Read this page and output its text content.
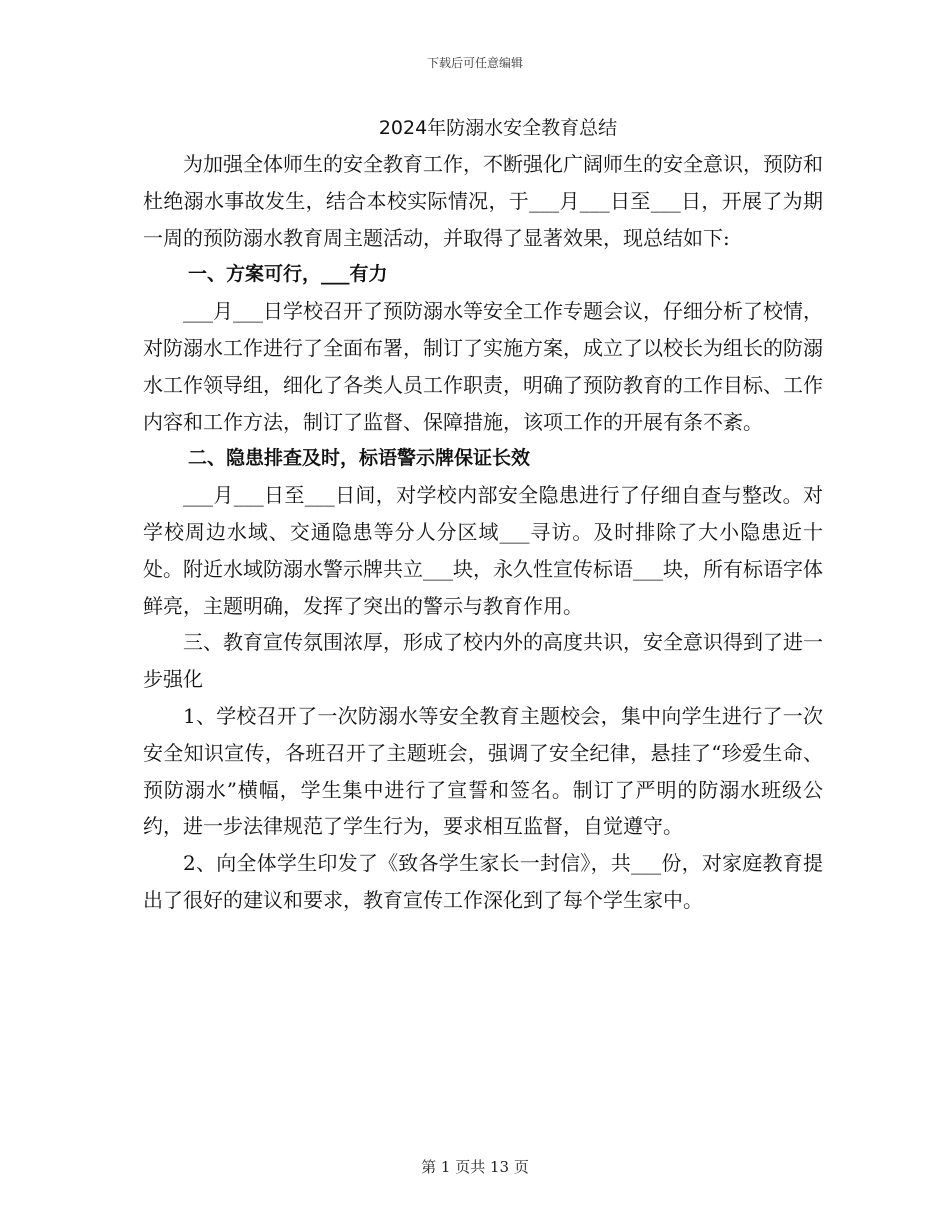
下载后可任意编辑
2024年防溺水安全教育总结

为加强全体师生的安全教育工作，不断强化广阔师生的安全意识，预防和杜绝溺水事故发生，结合本校实际情况，于___月___日至___日，开展了为期一周的预防溺水教育周主题活动，并取得了显著效果，现总结如下:

一、方案可行，___有力

___月___日学校召开了预防溺水等安全工作专题会议，仔细分析了校情，对防溺水工作进行了全面布署，制订了实施方案，成立了以校长为组长的防溺水工作领导组，细化了各类人员工作职责，明确了预防教育的工作目标、工作内容和工作方法，制订了监督、保障措施，该项工作的开展有条不紊。

二、隐患排查及时，标语警示牌保证长效

___月___日至___日间，对学校内部安全隐患进行了仔细自查与整改。对学校周边水域、交通隐患等分人分区域___寻访。及时排除了大小隐患近十处。附近水域防溺水警示牌共立___块，永久性宣传标语___块，所有标语字体鲜亮，主题明确，发挥了突出的警示与教育作用。

三、教育宣传氛围浓厚，形成了校内外的高度共识，安全意识得到了进一步强化

1、学校召开了一次防溺水等安全教育主题校会，集中向学生进行了一次安全知识宣传，各班召开了主题班会，强调了安全纪律，悬挂了“珍爱生命、预防溺水”横幅，学生集中进行了宣誓和签名。制订了严明的防溺水班级公约，进一步法律规范了学生行为，要求相互监督，自觉遵守。

2、向全体学生印发了《致各学生家长一封信》，共___份，对家庭教育提出了很好的建议和要求，教育宣传工作深化到了每个学生家中。

第 1 页共 13 页
